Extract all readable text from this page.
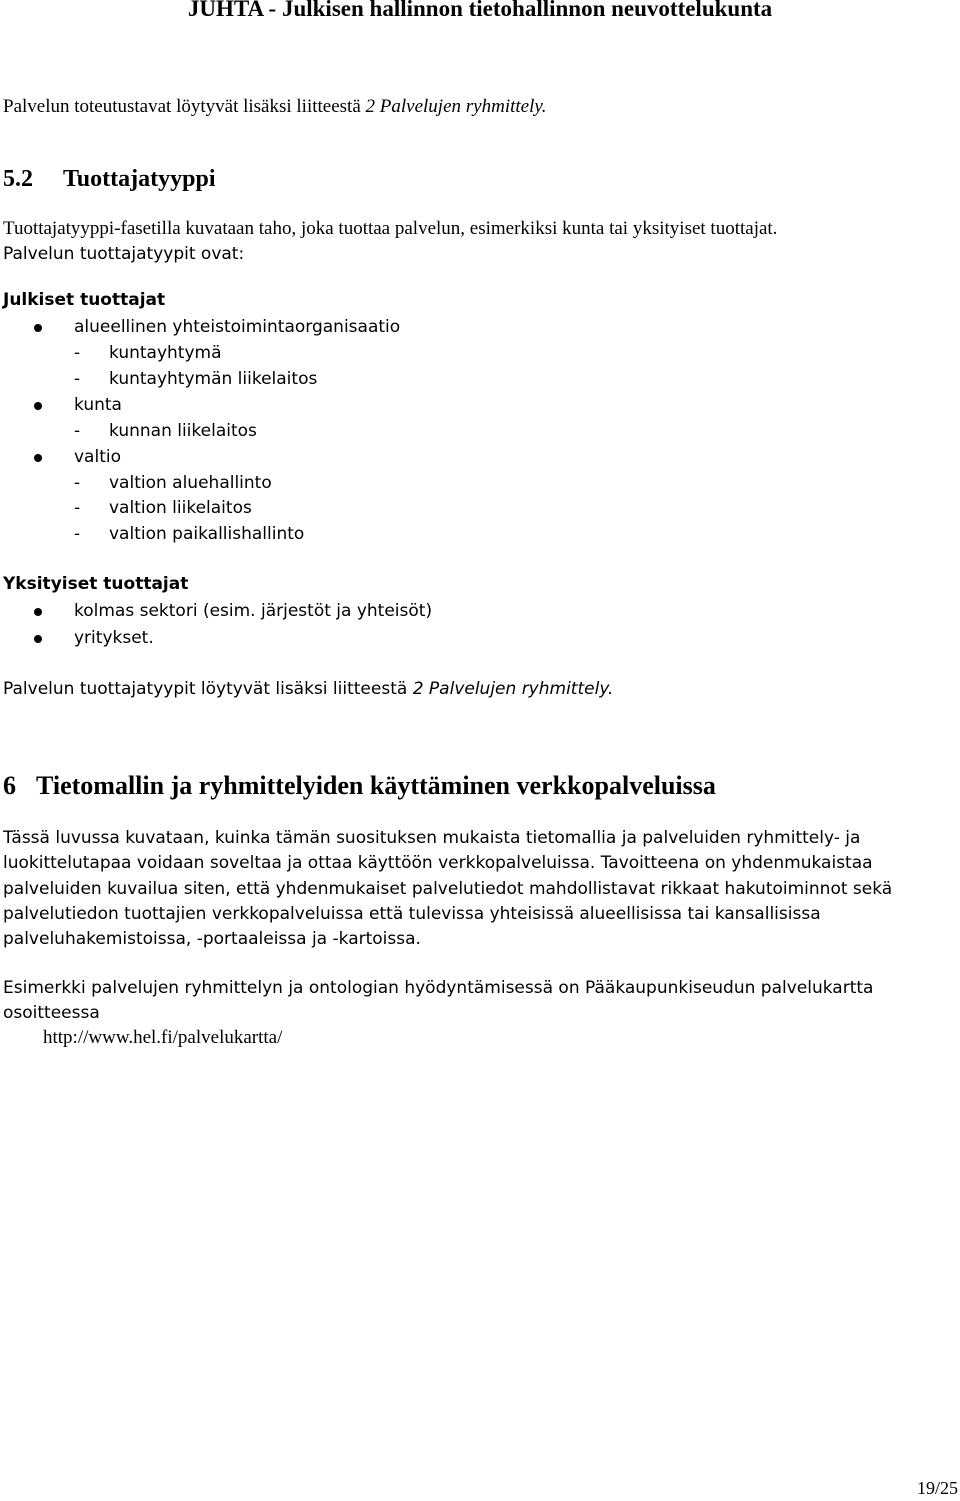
JUHTA - Julkisen hallinnon tietohallinnon neuvottelukunta
Palvelun toteutustavat löytyvät lisäksi liitteestä 2 Palvelujen ryhmittely.
5.2 Tuottajatyyppi
Tuottajatyyppi-fasetilla kuvataan taho, joka tuottaa palvelun, esimerkiksi kunta tai yksityiset tuottajat.
Palvelun tuottajatyypit ovat:
Julkiset tuottajat
alueellinen yhteistoimintaorganisaatio
- kuntayhtymä
- kuntayhtymän liikelaitos
kunta
- kunnan liikelaitos
valtio
- valtion aluehallinto
- valtion liikelaitos
- valtion paikallishallinto
Yksityiset tuottajat
kolmas sektori (esim. järjestöt ja yhteisöt)
yritykset.
Palvelun tuottajatyypit löytyvät lisäksi liitteestä 2 Palvelujen ryhmittely.
6 Tietomallin ja ryhmittelyiden käyttäminen verkkopalveluissa
Tässä luvussa kuvataan, kuinka tämän suosituksen mukaista tietomallia ja palveluiden ryhmittely- ja
luokittelutapaa voidaan soveltaa ja ottaa käyttöön verkkopalveluissa. Tavoitteena on yhdenmukaistaa
palveluiden kuvailua siten, että yhdenmukaiset palvelutiedot mahdollistavat rikkaat hakutoiminnot sekä
palvelutiedon tuottajien verkkopalveluissa että tulevissa yhteisissä alueellisissa tai kansallisissa
palveluhakemistoissa, -portaaleissa ja -kartoissa.
Esimerkki palvelujen ryhmittelyn ja ontologian hyödyntämisessä on Pääkaupunkiseudun palvelukartta
osoitteessa
http://www.hel.fi/palvelukartta/
19/25
